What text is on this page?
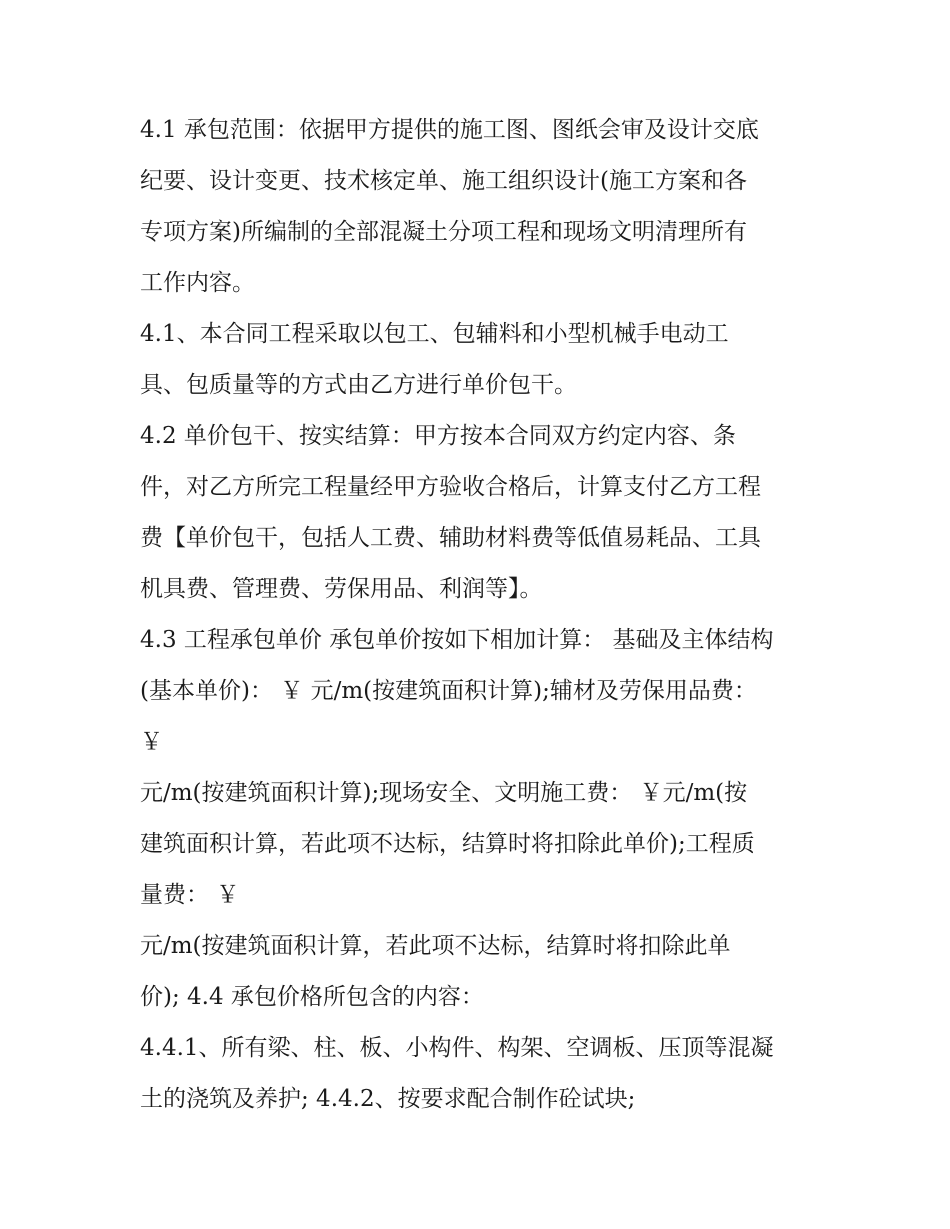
4.1 承包范围：依据甲方提供的施工图、图纸会审及设计交底
纪要、设计变更、技术核定单、施工组织设计(施工方案和各
专项方案)所编制的全部混凝土分项工程和现场文明清理所有
工作内容。
4.1、本合同工程采取以包工、包辅料和小型机械手电动工
具、包质量等的方式由乙方进行单价包干。
4.2 单价包干、按实结算：甲方按本合同双方约定内容、条
件，对乙方所完工程量经甲方验收合格后，计算支付乙方工程
费【单价包干，包括人工费、辅助材料费等低值易耗品、工具
机具费、管理费、劳保用品、利润等】。
4.3 工程承包单价 承包单价按如下相加计算： 基础及主体结构
(基本单价)： ￥ 元/m(按建筑面积计算);辅材及劳保用品费：
￥
元/m(按建筑面积计算);现场安全、文明施工费： ￥元/m(按
建筑面积计算，若此项不达标，结算时将扣除此单价);工程质
量费： ￥
元/m(按建筑面积计算，若此项不达标，结算时将扣除此单
价); 4.4 承包价格所包含的内容：
4.4.1、所有梁、柱、板、小构件、构架、空调板、压顶等混凝
土的浇筑及养护; 4.4.2、按要求配合制作砼试块;
